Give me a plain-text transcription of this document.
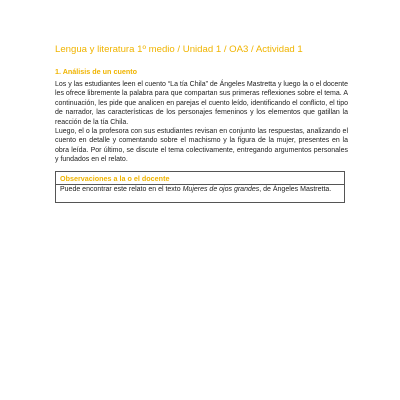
Lengua y literatura 1º medio / Unidad 1 / OA3 / Actividad 1
1. Análisis de un cuento

Los y las estudiantes leen el cuento “La tía Chila” de Ángeles Mastretta y luego la o el docente les ofrece libremente la palabra para que compartan sus primeras reflexiones sobre el tema. A continuación, les pide que analicen en parejas el cuento leído, identificando el conflicto, el tipo de narrador, las características de los personajes femeninos y los elementos que gatillan la reacción de la tía Chila.

Luego, el o la profesora con sus estudiantes revisan en conjunto las respuestas, analizando el cuento en detalle y comentando sobre el machismo y la figura de la mujer, presentes en la obra leída. Por último, se discute el tema colectivamente, entregando argumentos personales y fundados en el relato.

Observaciones a la o el docente
Puede encontrar este relato en el texto Mujeres de ojos grandes, de Ángeles Mastretta.
